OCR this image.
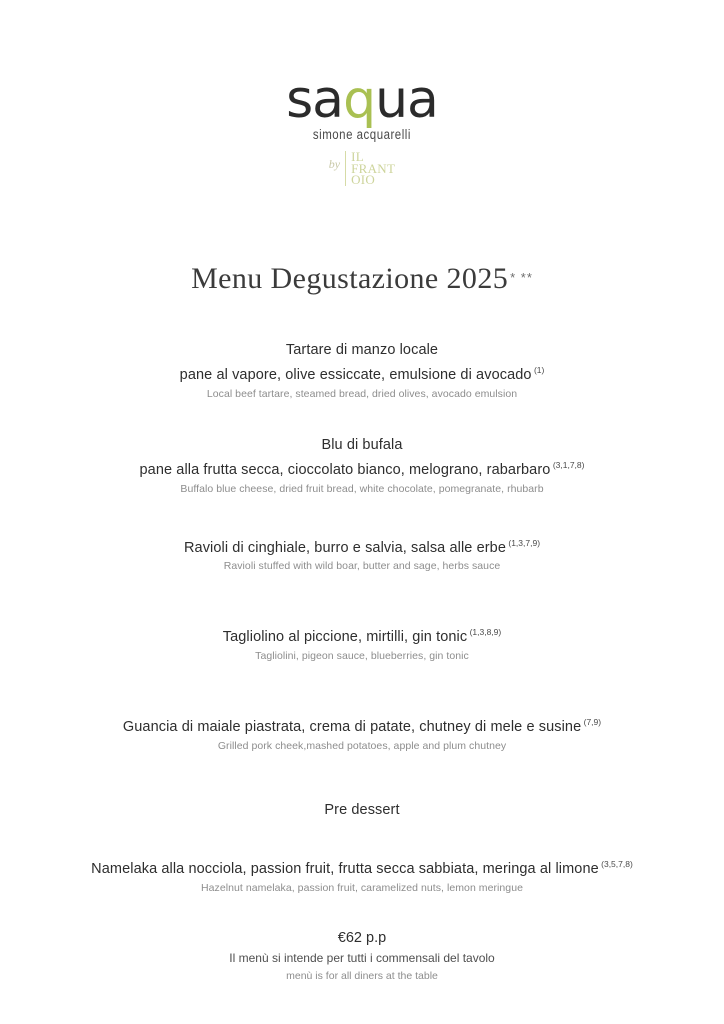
saqua
simone acquarelli
by IL
FRANT
OIO
Menu Degustazione 2025 * **
Tartare di manzo locale
pane al vapore, olive essiccate, emulsione di avocado $^{(1)}$
Local beef tartare, steamed bread, dried olives, avocado emulsion
Blu di bufala
pane alla frutta secca, cioccolato bianco, melograno, rabarbaro $^{(3,1,7,8)}$
Buffalo blue cheese, dried fruit bread, white chocolate, pomegranate, rhubarb
Ravioli di cinghiale, burro e salvia, salsa alle erbe $^{(1,3,7,9)}$
Ravioli stuffed with wild boar, butter and sage, herbs sauce
Tagliolino al piccione, mirtilli, gin tonic $^{(1,3,8,9)}$
Tagliolini, pigeon sauce, blueberries, gin tonic
Guancia di maiale piastrata, crema di patate, chutney di mele e susine $^{(7,9)}$
Grilled pork cheek,mashed potatoes, apple and plum chutney
Pre dessert
Namelaka alla nocciola, passion fruit, frutta secca sabbiata, meringa al limone $^{(3,5,7,8)}$
Hazelnut namelaka, passion fruit, caramelized nuts, lemon meringue
€62 p.p
Il menù si intende per tutti i commensali del tavolo
menù is for all diners at the table
